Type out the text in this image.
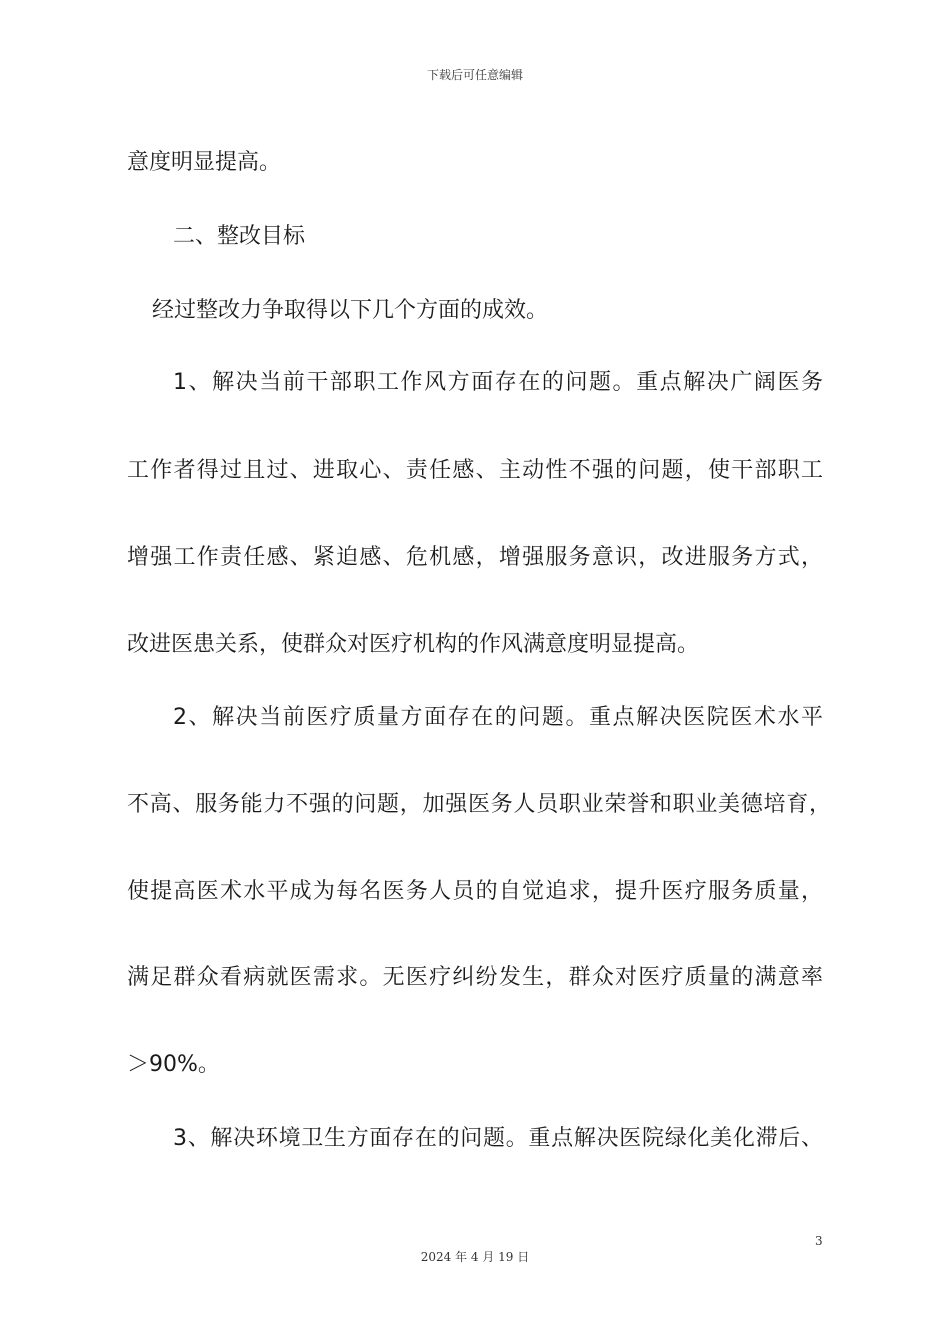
下载后可任意编辑
意度明显提高。
二、整改目标
经过整改力争取得以下几个方面的成效。
1、解决当前干部职工作风方面存在的问题。重点解决广阔医务
工作者得过且过、进取心、责任感、主动性不强的问题，使干部职工
增强工作责任感、紧迫感、危机感，增强服务意识，改进服务方式，
改进医患关系，使群众对医疗机构的作风满意度明显提高。
2、解决当前医疗质量方面存在的问题。重点解决医院医术水平
不高、服务能力不强的问题，加强医务人员职业荣誉和职业美德培育，
使提高医术水平成为每名医务人员的自觉追求，提升医疗服务质量，
满足群众看病就医需求。无医疗纠纷发生，群众对医疗质量的满意率
＞90%。
3、解决环境卫生方面存在的问题。重点解决医院绿化美化滞后、
3
2024 年 4 月 19 日
